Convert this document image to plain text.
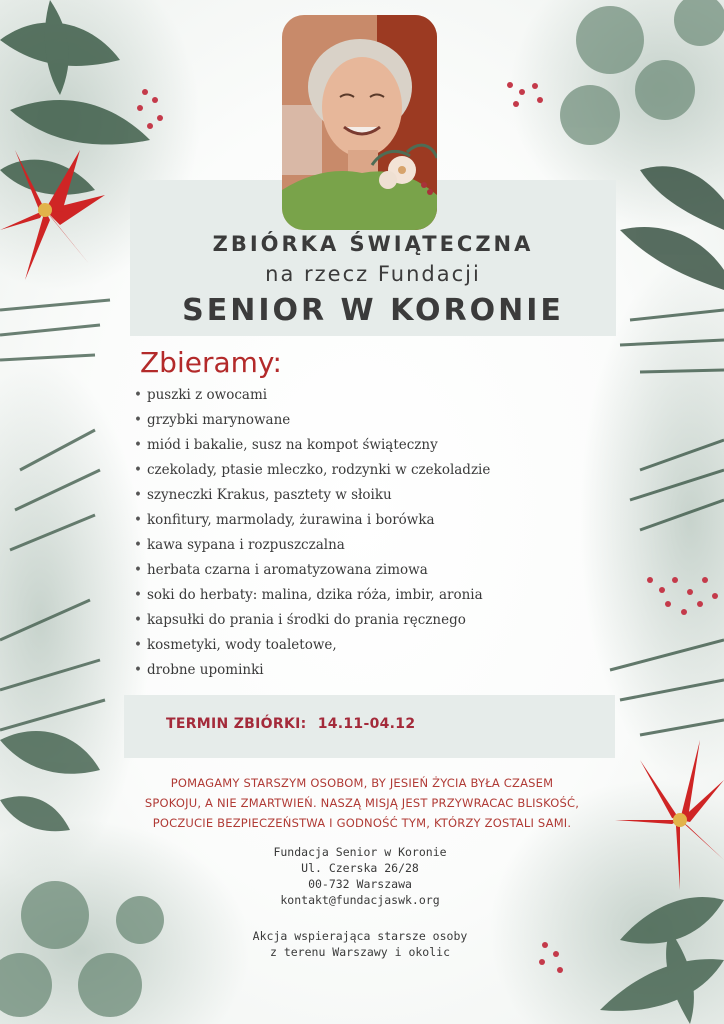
ZBIÓRKA ŚWIĄTECZNA
na rzecz Fundacji
SENIOR W KORONIE
Zbieramy:
• puszki z owocami
• grzybki marynowane
• miód i bakalie, susz na kompot świąteczny
• czekolady, ptasie mleczko, rodzynki w czekoladzie
• szyneczki Krakus, pasztety w słoiku
• konfitury, marmolady, żurawina i borówka
• kawa sypana i rozpuszczalna
• herbata czarna i aromatyzowana zimowa
• soki do herbaty: malina, dzika róża, imbir, aronia
• kapsułki do prania i środki do prania ręcznego
• kosmetyki, wody toaletowe,
• drobne upominki
TERMIN ZBIÓRKI: 14.11-04.12
POMAGAMY STARSZYM OSOBOM, BY JESIEŃ ŻYCIA BYŁA CZASEM
SPOKOJU, A NIE ZMARTWIEŃ. NASZĄ MISJĄ JEST PRZYWRACAC BLISKOŚĆ,
POCZUCIE BEZPIECZEŃSTWA I GODNOŚĆ TYM, KTÓRZY ZOSTALI SAMI.
Fundacja Senior w Koronie
Ul. Czerska 26/28
00-732 Warszawa
kontakt@fundacjaswk.org
Akcja wspierająca starsze osoby
z terenu Warszawy i okolic
